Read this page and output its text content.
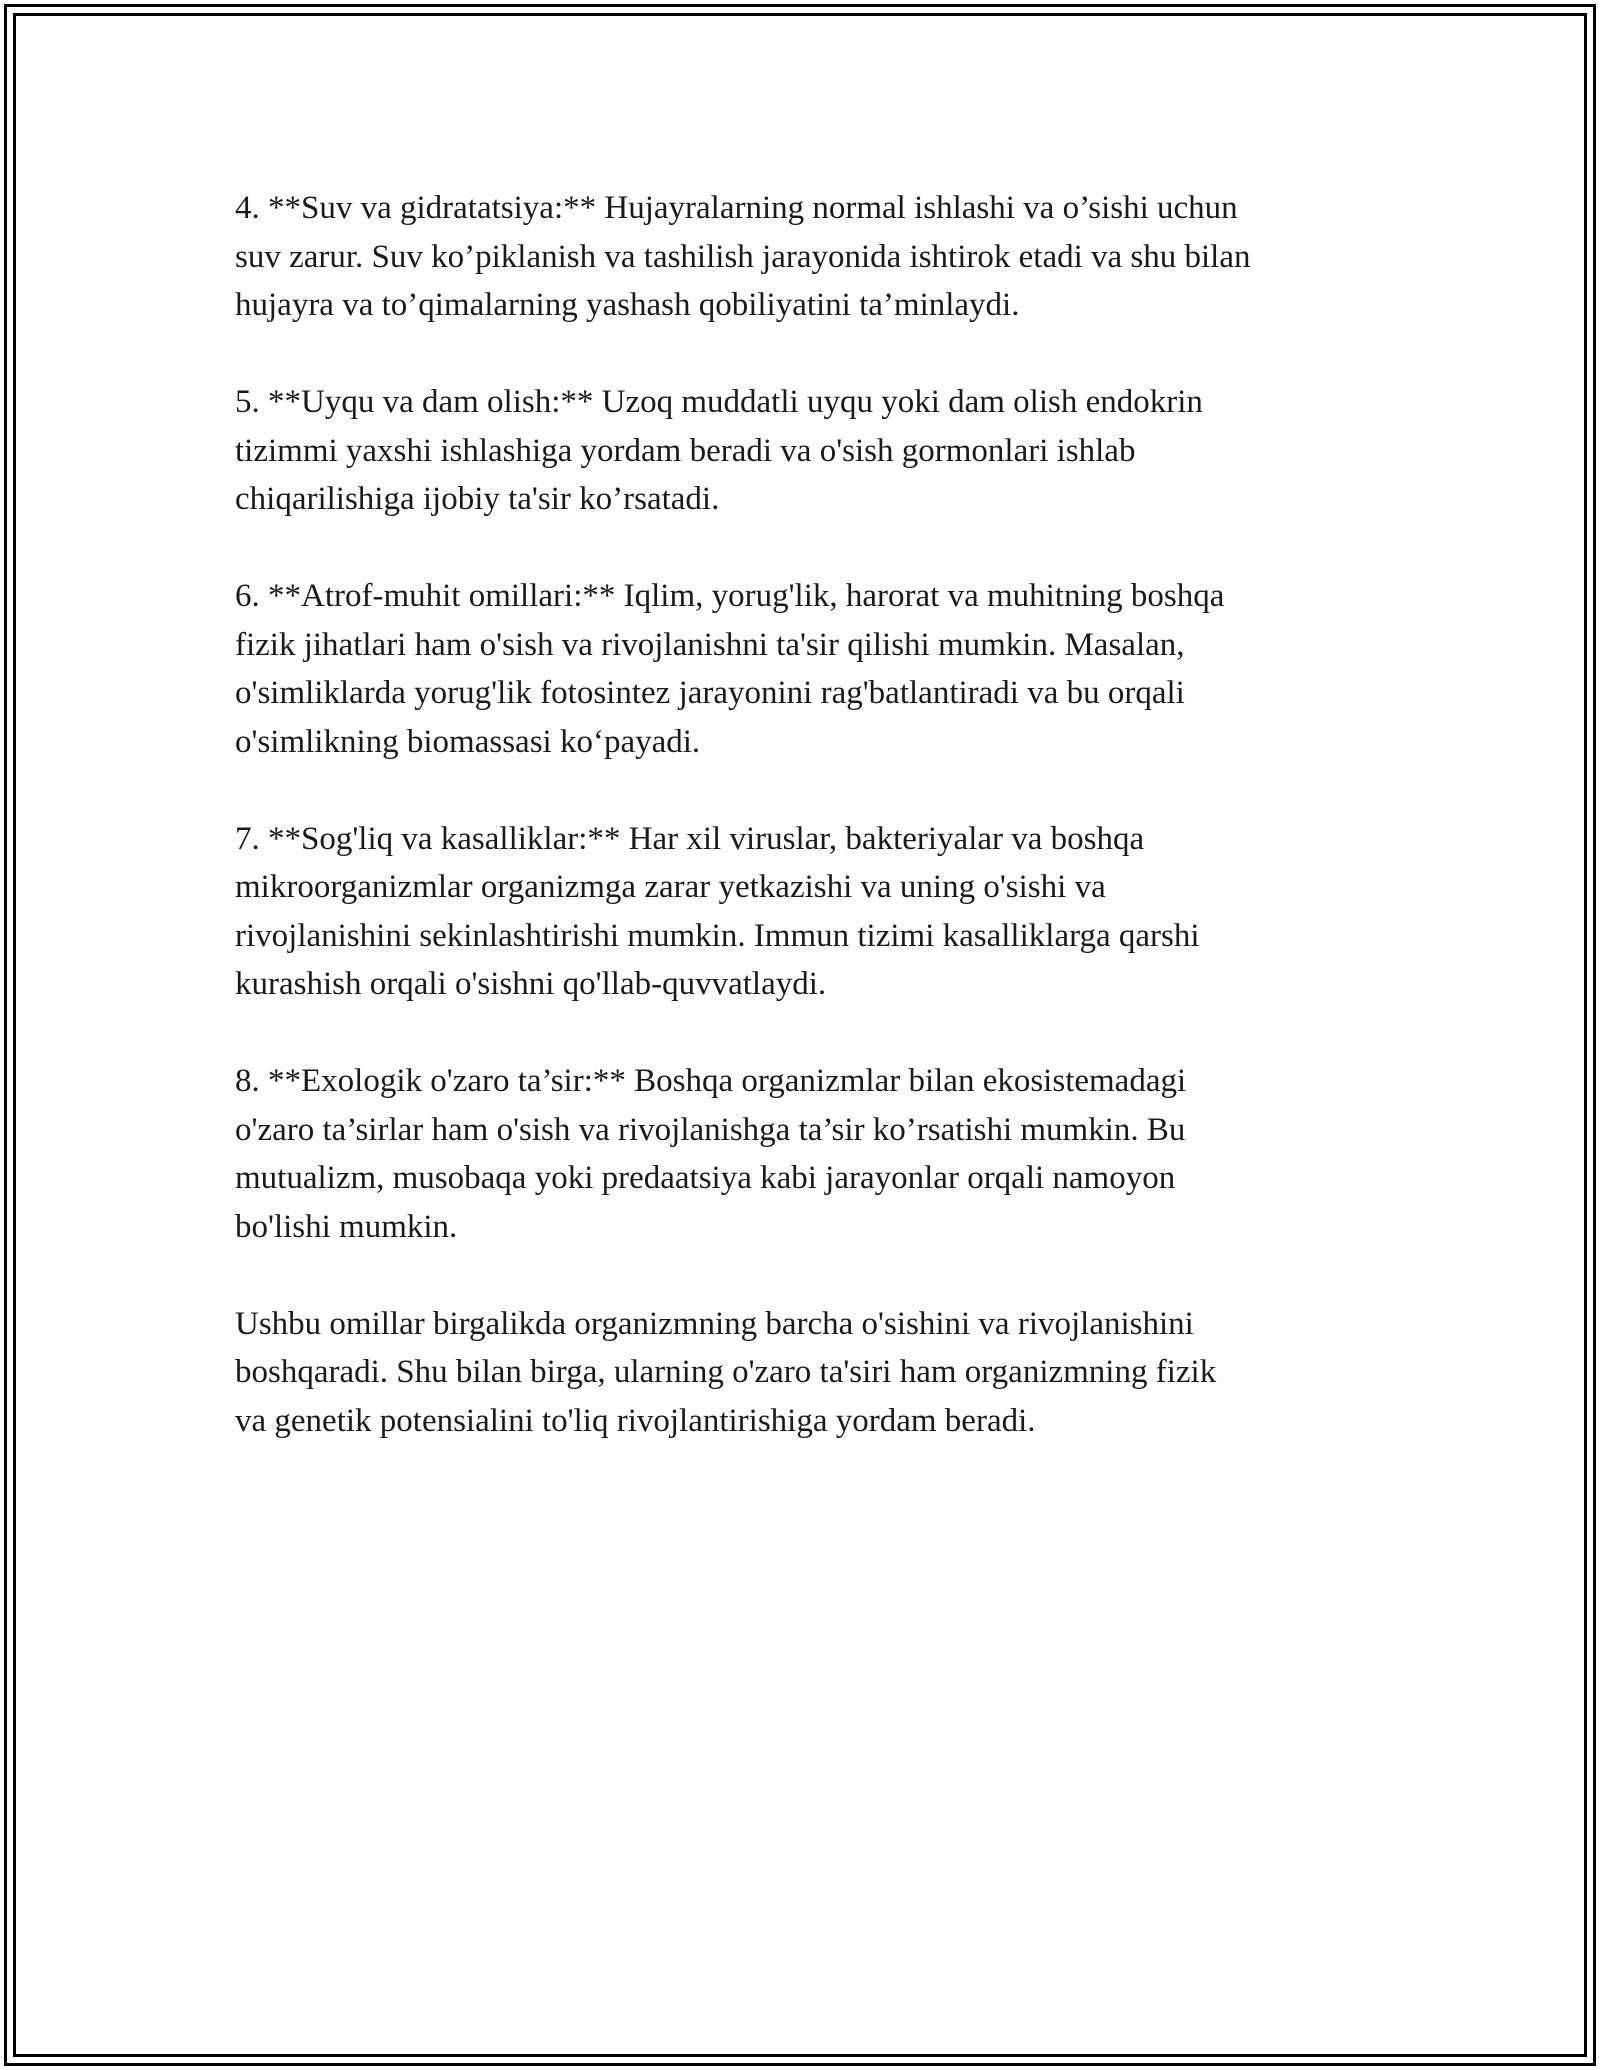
4. **Suv va gidratatsiya:** Hujayralarning normal ishlashi va o’sishi uchun
suv zarur. Suv ko’piklanish va tashilish jarayonida ishtirok etadi va shu bilan
hujayra va to’qimalarning yashash qobiliyatini ta’minlaydi.

5. **Uyqu va dam olish:** Uzoq muddatli uyqu yoki dam olish endokrin
tizimmi yaxshi ishlashiga yordam beradi va o'sish gormonlari ishlab
chiqarilishiga ijobiy ta'sir ko’rsatadi.

6. **Atrof-muhit omillari:** Iqlim, yorug'lik, harorat va muhitning boshqa
fizik jihatlari ham o'sish va rivojlanishni ta'sir qilishi mumkin. Masalan,
o'simliklarda yorug'lik fotosintez jarayonini rag'batlantiradi va bu orqali
o'simlikning biomassasi ko‘payadi.

7. **Sog'liq va kasalliklar:** Har xil viruslar, bakteriyalar va boshqa
mikroorganizmlar organizmga zarar yetkazishi va uning o'sishi va
rivojlanishini sekinlashtirishi mumkin. Immun tizimi kasalliklarga qarshi
kurashish orqali o'sishni qo'llab-quvvatlaydi.

8. **Exologik o'zaro ta’sir:** Boshqa organizmlar bilan ekosistemadagi
o'zaro ta’sirlar ham o'sish va rivojlanishga ta’sir ko’rsatishi mumkin. Bu
mutualizm, musobaqa yoki predaatsiya kabi jarayonlar orqali namoyon
bo'lishi mumkin.

Ushbu omillar birgalikda organizmning barcha o'sishini va rivojlanishini
boshqaradi. Shu bilan birga, ularning o'zaro ta'siri ham organizmning fizik
va genetik potensialini to'liq rivojlantirishiga yordam beradi.
